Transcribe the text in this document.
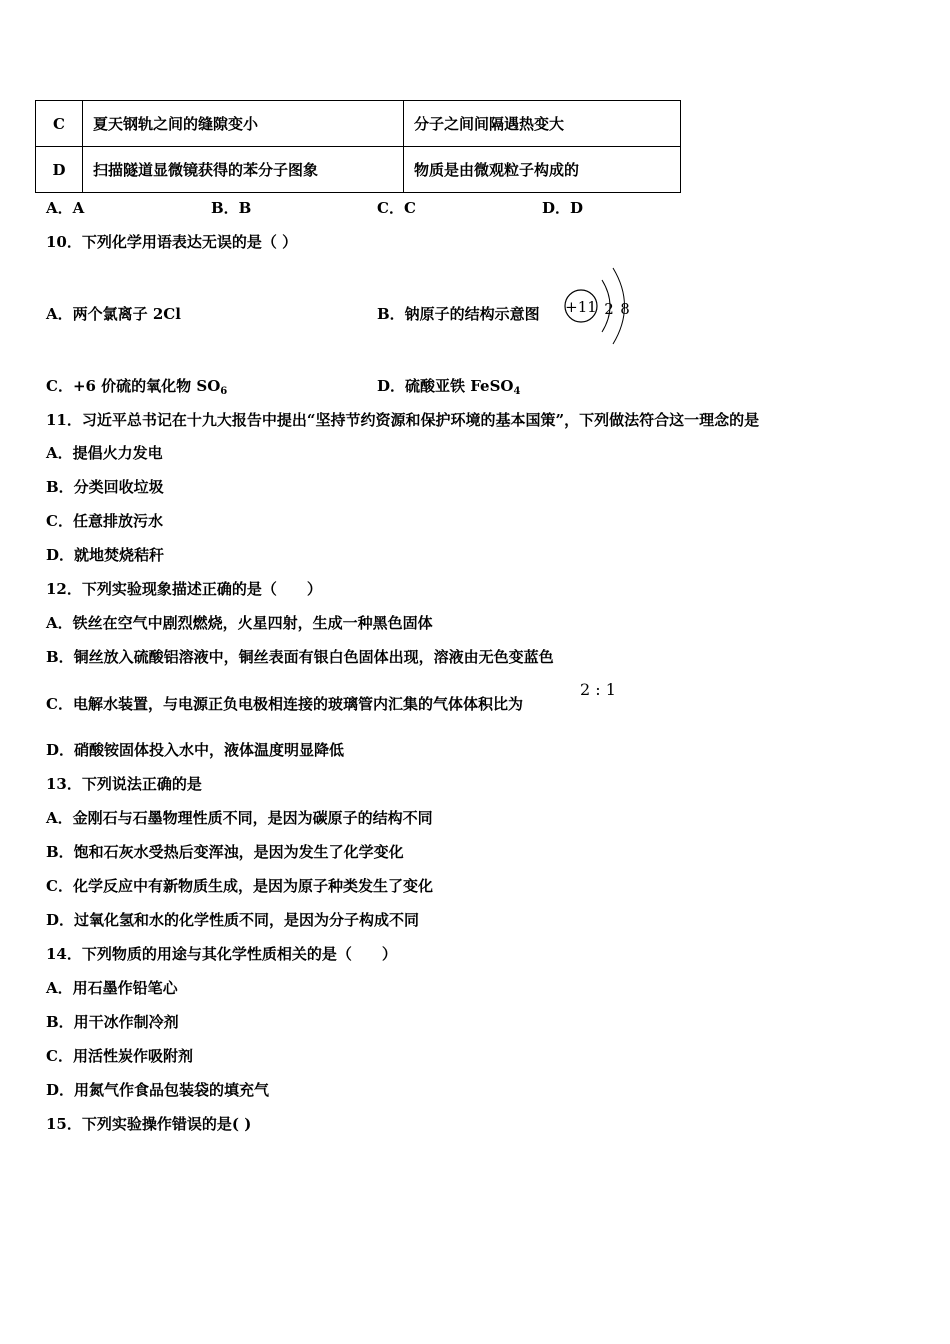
C	夏天钢轨之间的缝隙变小	分子之间间隔遇热变大
D	扫描隧道显微镜获得的苯分子图象	物质是由微观粒子构成的
A．A	B．B	C．C	D．D
10．下列化学用语表达无误的是（ ）
A．两个氯离子 2Cl	B．钠原子的结构示意图 +11 2 8
C．+6 价硫的氧化物 $SO_6$	D．硫酸亚铁 FeSO$_4$
11．习近平总书记在十九大报告中提出“坚持节约资源和保护环境的基本国策”，下列做法符合这一理念的是
A．提倡火力发电
B．分类回收垃圾
C．任意排放污水
D．就地焚烧秸秆
12．下列实验现象描述正确的是（　　）
A．铁丝在空气中剧烈燃烧，火星四射，生成一种黑色固体
B．铜丝放入硫酸铝溶液中，铜丝表面有银白色固体出现，溶液由无色变蓝色
C．电解水装置，与电源正负电极相连接的玻璃管内汇集的气体体积比为
2 : 1
D．硝酸铵固体投入水中，液体温度明显降低
13．下列说法正确的是
A．金刚石与石墨物理性质不同，是因为碳原子的结构不同
B．饱和石灰水受热后变浑浊，是因为发生了化学变化
C．化学反应中有新物质生成，是因为原子种类发生了变化
D．过氧化氢和水的化学性质不同，是因为分子构成不同
14．下列物质的用途与其化学性质相关的是（　　）
A．用石墨作铅笔心
B．用干冰作制冷剂
C．用活性炭作吸附剂
D．用氮气作食品包装袋的填充气
15．下列实验操作错误的是( )
